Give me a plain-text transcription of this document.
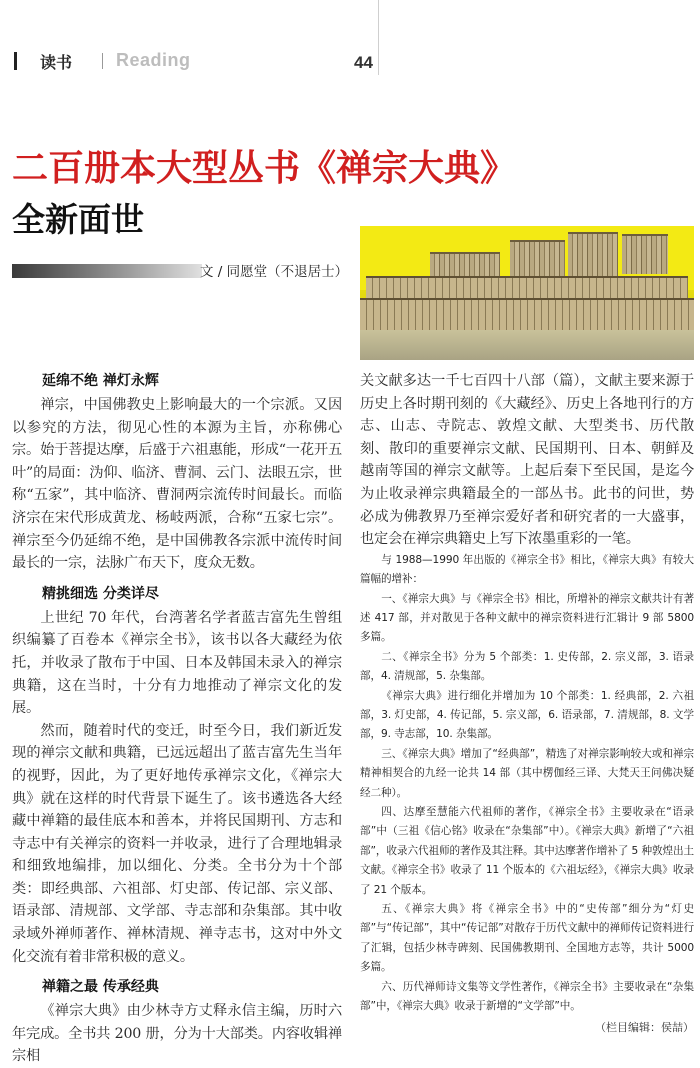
读书 Reading	44
二百册本大型丛书《禅宗大典》
全新面世
文 / 同愿堂（不退居士）
延绵不绝 禅灯永辉

禅宗，中国佛教史上影响最大的一个宗派。又因以参究的方法，彻见心性的本源为主旨，亦称佛心宗。始于菩提达摩，后盛于六祖惠能，形成“一花开五叶”的局面：沩仰、临济、曹洞、云门、法眼五宗，世称“五家”，其中临济、曹洞两宗流传时间最长。而临济宗在宋代形成黄龙、杨岐两派，合称“五家七宗”。禅宗至今仍延绵不绝，是中国佛教各宗派中流传时间最长的一宗，法脉广布天下，度众无数。

精挑细选 分类详尽

上世纪 70 年代，台湾著名学者蓝吉富先生曾组织编纂了百卷本《禅宗全书》，该书以各大藏经为依托，并收录了散布于中国、日本及韩国未录入的禅宗典籍，这在当时，十分有力地推动了禅宗文化的发展。

然而，随着时代的变迁，时至今日，我们新近发现的禅宗文献和典籍，已远远超出了蓝吉富先生当年的视野，因此，为了更好地传承禅宗文化，《禅宗大典》就在这样的时代背景下诞生了。该书遴选各大经藏中禅籍的最佳底本和善本，并将民国期刊、方志和寺志中有关禅宗的资料一并收录，进行了合理地辑录和细致地编排，加以细化、分类。全书分为十个部类：即经典部、六祖部、灯史部、传记部、宗义部、语录部、清规部、文学部、寺志部和杂集部。其中收录域外禅师著作、禅林清规、禅寺志书，这对中外文化交流有着非常积极的意义。

禅籍之最 传承经典

《禅宗大典》由少林寺方丈释永信主编，历时六年完成。全书共 200 册，分为十大部类。内容收辑禅宗相

关文献多达一千七百四十八部（篇），文献主要来源于历史上各时期刊刻的《大藏经》、历史上各地刊行的方志、山志、寺院志、敦煌文献、大型类书、历代散刻、散印的重要禅宗文献、民国期刊、日本、朝鲜及越南等国的禅宗文献等。上起后秦下至民国，是迄今为止收录禅宗典籍最全的一部丛书。此书的问世，势必成为佛教界乃至禅宗爱好者和研究者的一大盛事，也定会在禅宗典籍史上写下浓墨重彩的一笔。

与 1988—1990 年出版的《禅宗全书》相比，《禅宗大典》有较大篇幅的增补：

一、《禅宗大典》与《禅宗全书》相比，所增补的禅宗文献共计有著述 417 部，并对散见于各种文献中的禅宗资料进行汇辑计 9 部 5800 多篇。

二、《禅宗全书》分为 5 个部类：1. 史传部，2. 宗义部，3. 语录部，4. 清规部，5. 杂集部。

《禅宗大典》进行细化并增加为 10 个部类：1. 经典部，2. 六祖部，3. 灯史部，4. 传记部，5. 宗义部，6. 语录部，7. 清规部，8. 文学部，9. 寺志部，10. 杂集部。

三、《禅宗大典》增加了“经典部”，精选了对禅宗影响较大或和禅宗精神相契合的九经一论共 14 部（其中楞伽经三译、大梵天王问佛决疑经二种）。

四、达摩至慧能六代祖师的著作，《禅宗全书》主要收录在“语录部”中（三祖《信心铭》收录在“杂集部”中）。《禅宗大典》新增了“六祖部”，收录六代祖师的著作及其注释。其中达摩著作增补了 5 种敦煌出土文献。《禅宗全书》收录了 11 个版本的《六祖坛经》，《禅宗大典》收录了 21 个版本。

五、《禅宗大典》将《禅宗全书》中的“史传部”细分为“灯史部”与“传记部”，其中“传记部”对散存于历代文献中的禅师传记资料进行了汇辑，包括少林寺碑刻、民国佛教期刊、全国地方志等，共计 5000 多篇。

六、历代禅师诗文集等文学性著作，《禅宗全书》主要收录在“杂集部”中，《禅宗大典》收录于新增的“文学部”中。

（栏目编辑：侯喆）
